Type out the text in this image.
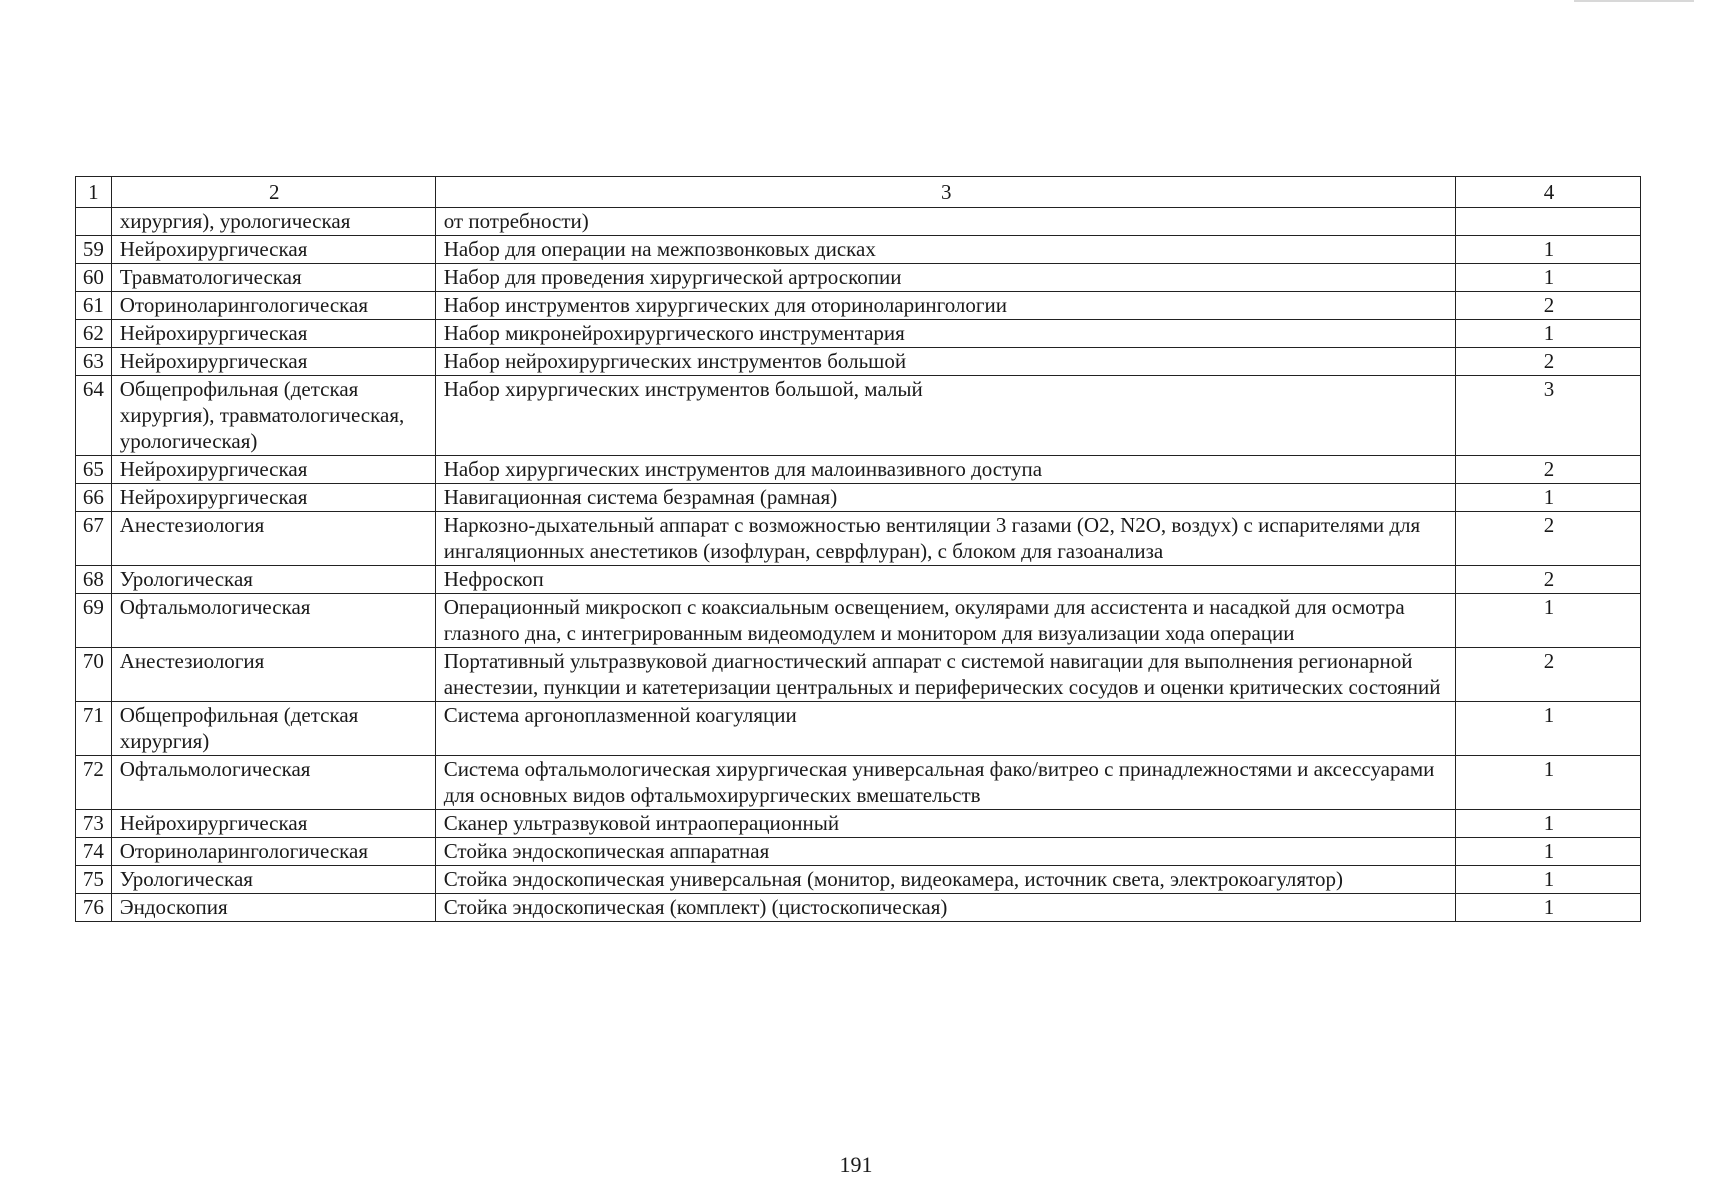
1	2	3	4
	хирургия), урологическая	от потребности)	
59	Нейрохирургическая	Набор для операции на межпозвонковых дисках	1
60	Травматологическая	Набор для проведения хирургической артроскопии	1
61	Оториноларингологическая	Набор инструментов хирургических для оториноларингологии	2
62	Нейрохирургическая	Набор микронейрохирургического инструментария	1
63	Нейрохирургическая	Набор нейрохирургических инструментов большой	2
64	Общепрофильная (детская хирургия), травматологическая, урологическая)	Набор хирургических инструментов большой, малый	3
65	Нейрохирургическая	Набор хирургических инструментов для малоинвазивного доступа	2
66	Нейрохирургическая	Навигационная система безрамная (рамная)	1
67	Анестезиология	Наркозно-дыхательный аппарат с возможностью вентиляции 3 газами (O2, N2O, воздух) с испарителями для ингаляционных анестетиков (изофлуран, севрфлуран), с блоком для газоанализа	2
68	Урологическая	Нефроскоп	2
69	Офтальмологическая	Операционный микроскоп с коаксиальным освещением, окулярами для ассистента и насадкой для осмотра глазного дна, с интегрированным видеомодулем и монитором для визуализации хода операции	1
70	Анестезиология	Портативный ультразвуковой диагностический аппарат с системой навигации для выполнения регионарной анестезии, пункции и катетеризации центральных и периферических сосудов и оценки критических состояний	2
71	Общепрофильная (детская хирургия)	Система аргоноплазменной коагуляции	1
72	Офтальмологическая	Система офтальмологическая хирургическая универсальная фако/витрео с принадлежностями и аксессуарами для основных видов офтальмохирургических вмешательств	1
73	Нейрохирургическая	Сканер ультразвуковой интраоперационный	1
74	Оториноларингологическая	Стойка эндоскопическая аппаратная	1
75	Урологическая	Стойка эндоскопическая универсальная (монитор, видеокамера, источник света, электрокоагулятор)	1
76	Эндоскопия	Стойка эндоскопическая (комплект) (цистоскопическая)	1
191
